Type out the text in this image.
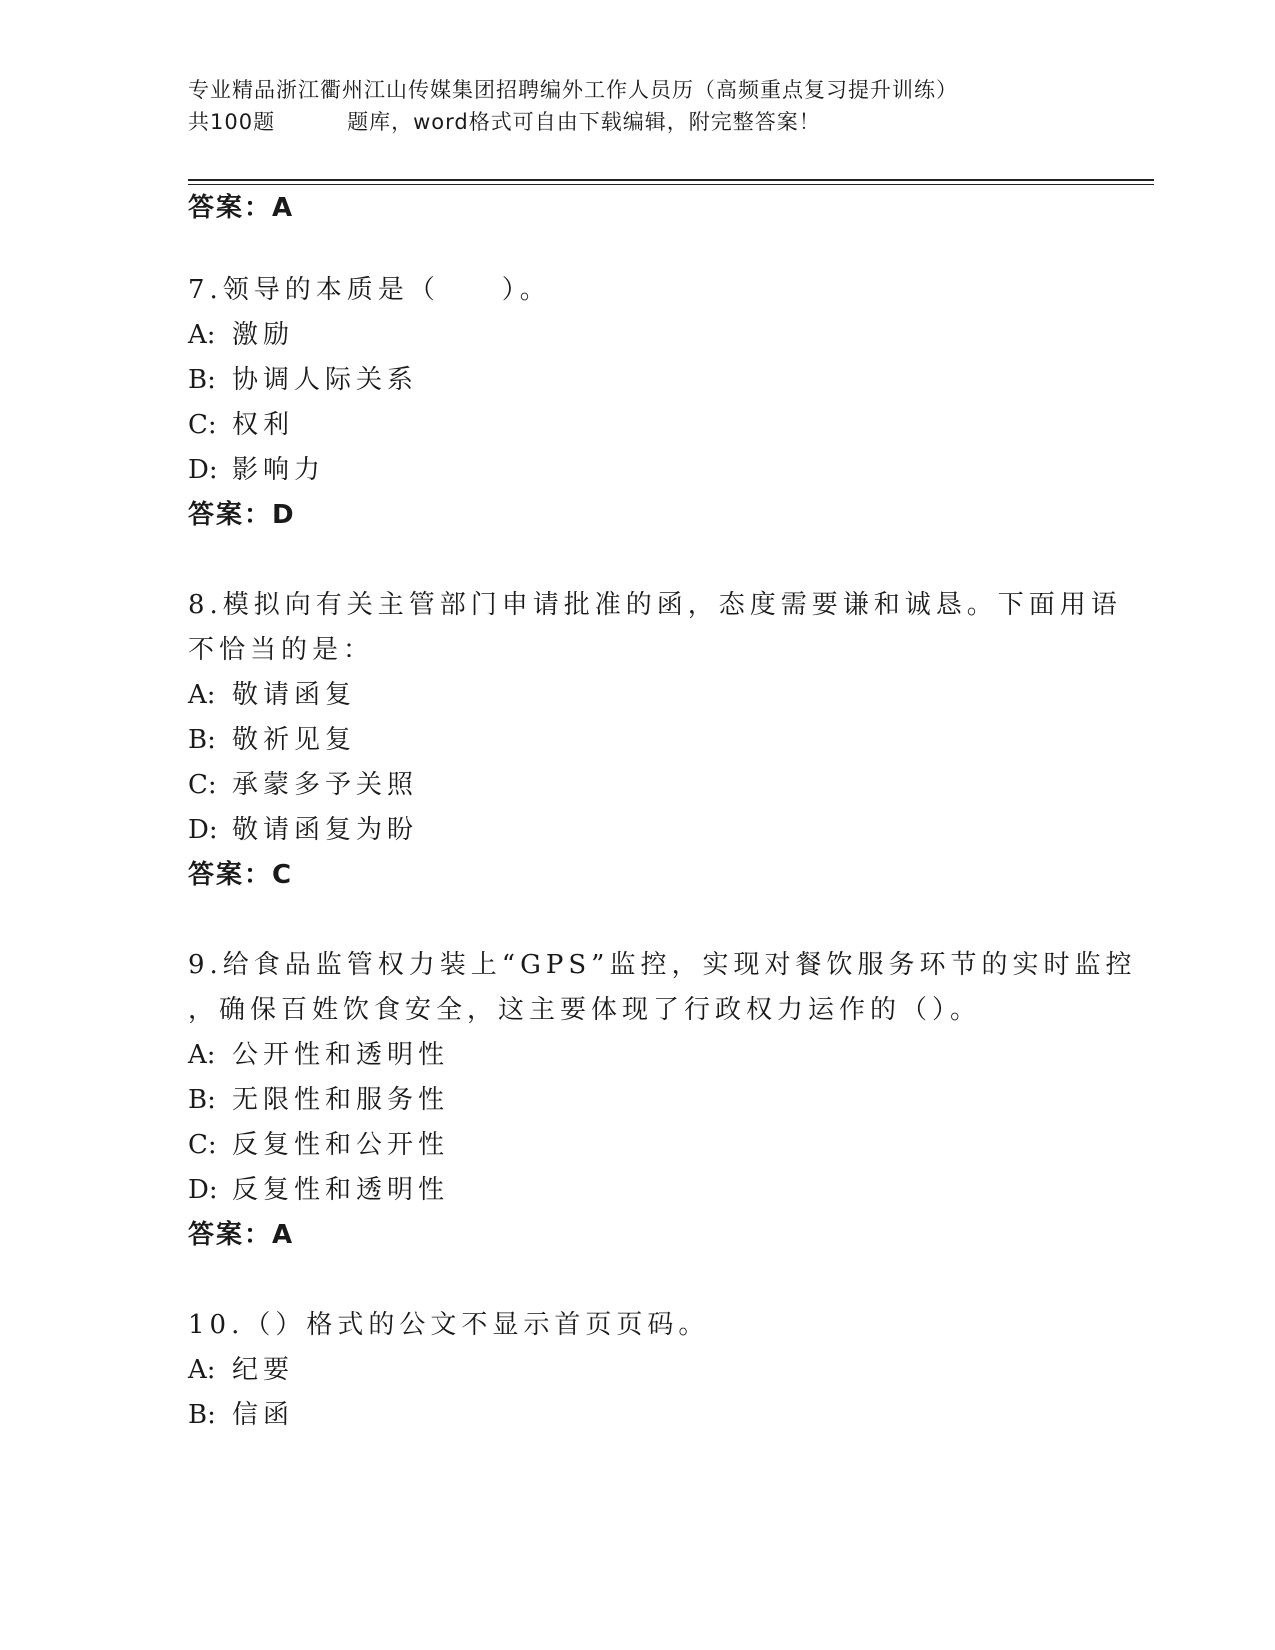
专业精品浙江衢州江山传媒集团招聘编外工作人员历（高频重点复习提升训练）
共100题	题库，word格式可自由下载编辑，附完整答案！
答案：A
7.领导的本质是（　　）。
A: 激励
B: 协调人际关系
C: 权利
D: 影响力
答案：D
8.模拟向有关主管部门申请批准的函，态度需要谦和诚恳。下面用语
不恰当的是：
A: 敬请函复
B: 敬祈见复
C: 承蒙多予关照
D: 敬请函复为盼
答案：C
9.给食品监管权力装上“GPS”监控，实现对餐饮服务环节的实时监控
，确保百姓饮食安全，这主要体现了行政权力运作的（）。
A: 公开性和透明性
B: 无限性和服务性
C: 反复性和公开性
D: 反复性和透明性
答案：A
10.（）格式的公文不显示首页页码。
A: 纪要
B: 信函
